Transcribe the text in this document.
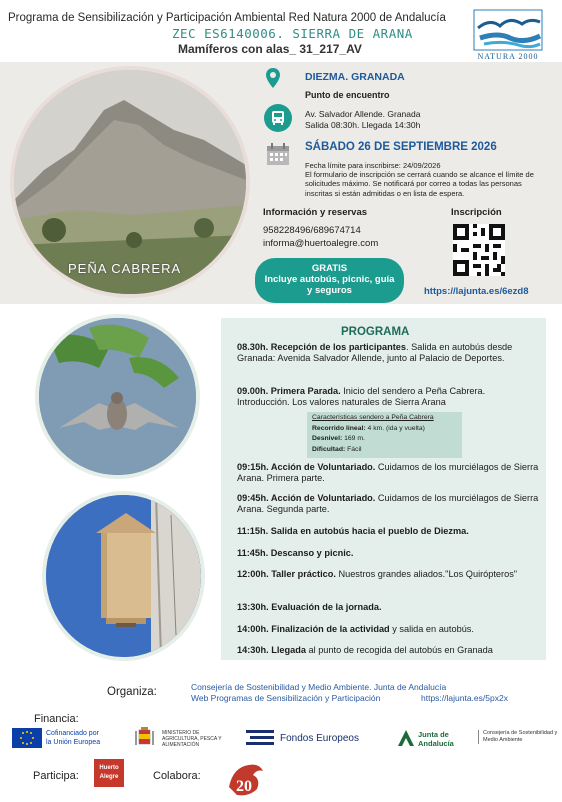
Programa de Sensibilización y Participación Ambiental Red Natura 2000 de Andalucía
ZEC ES6140006. SIERRA DE ARANA
Mamíferos con alas_ 31_217_AV
NATURA 2000
PEÑA CABRERA
DIEZMA. GRANADA
Punto de encuentro
Av. Salvador Allende. Granada
Salida 08:30h. Llegada 14:30h
SÁBADO 26 DE SEPTIEMBRE 2026
Fecha límite para inscribirse: 24/09/2026
El formulario de inscripción se cerrará cuando se alcance el límite de solicitudes máximo. Se notificará por correo a todas las personas inscritas si están admitidas o en lista de espera.
Información y reservas
958228496/689674714
informa@huertoalegre.com
Inscripción
https://lajunta.es/6ezd8
GRATIS
Incluye autobús, picnic, guía
y seguros
PROGRAMA
08.30h. Recepción de los participantes. Salida en autobús desde Granada: Avenida Salvador Allende, junto al Palacio de Deportes.
09.00h. Primera Parada. Inicio del sendero a Peña Cabrera. Introducción. Los valores naturales de Sierra Arana
Características sendero a Peña Cabrera
Recorrido lineal: 4 km. (ida y vuelta)
Desnivel: 169 m.
Dificultad: Fácil
09:15h. Acción de Voluntariado. Cuidamos de los murciélagos de Sierra Arana. Primera parte.
09:45h. Acción de Voluntariado. Cuidamos de los murciélagos de Sierra Arana. Segunda parte.
11:15h. Salida en autobús hacia el pueblo de Diezma.
11:45h. Descanso y picnic.
12:00h. Taller práctico. Nuestros grandes aliados."Los Quirópteros"
13:30h. Evaluación de la jornada.
14:00h. Finalización de la actividad y salida en autobús.
14:30h. Llegada al punto de recogida del autobús en Granada
Organiza:	Consejería de Sostenibilidad y Medio Ambiente. Junta de Andalucía
Web Programas de Sensibilización y Participación	https://lajunta.es/5px2x
Financia:
Cofinanciado por la Unión Europea
MINISTERIO DE AGRICULTURA, PESCA Y ALIMENTACIÓN
Fondos Europeos	Junta de Andalucía
Consejería de Sostenibilidad y Medio Ambiente
Participa:
Huerto Alegre	Colabora:
20
